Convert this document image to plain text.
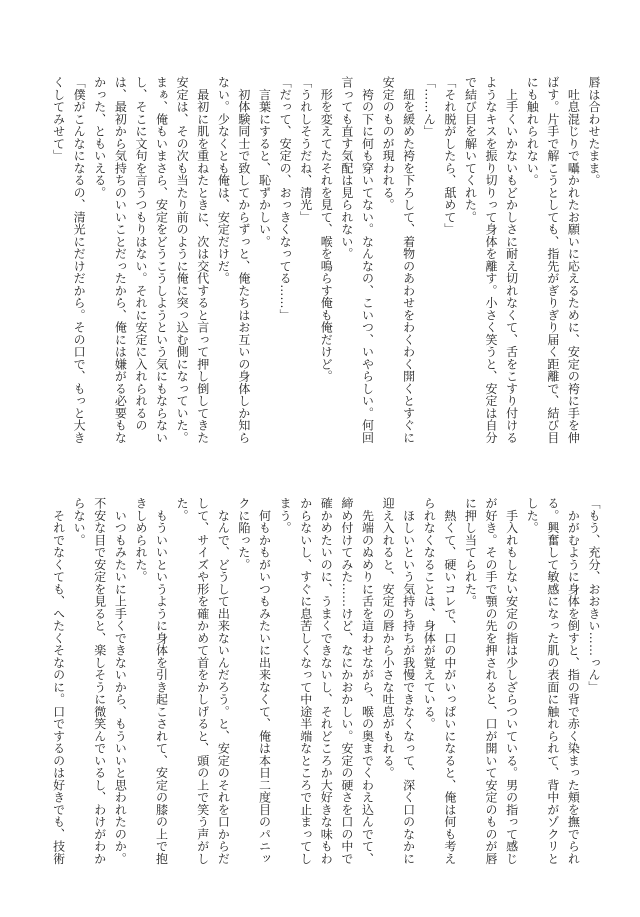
唇は合わせたまま。
　吐息混じりで囁かれたお願いに応えるために、安定の袴に手を伸
ばす。片手で解こうとしても、指先がぎりぎり届く距離で、結び目
にも触れられない。
　上手くいかないもどかしさに耐え切れなくて、舌をこすり付ける
ようなキスを振り切りって身体を離す。小さく笑うと、安定は自分
で結び目を解いてくれた。
「それ脱がしたら、舐めて」
「……ん」
　紐を緩めた袴を下ろして、着物のあわせをわくわく開くとすぐに
安定のものが現われる。
　袴の下に何も穿いてない。なんなの、こいつ、いやらしい。何回
言っても直す気配は見られない。
　形を変えてたそれを見て、喉を鳴らす俺も俺だけど。
「うれしそうだね、清光」
「だって、安定の、おっきくなってる……」
　言葉にすると、恥ずかしい。
　初体験同士で致してからずっと、俺たちはお互いの身体しか知ら
ない。少なくとも俺は、安定だけだ。
　最初に肌を重ねたときに、次は交代すると言って押し倒してきた
安定は、その次も当たり前のように俺に突っ込む側になっていた。
まぁ、俺もいまさら、安定をどうこうしようという気にもならない
し、そこに文句を言うつもりはない。それに安定に入れられるの
は、最初から気持ちのいいことだったから、俺には嫌がる必要もな
かった、ともいえる。
「僕がこんなになるの、清光にだけだから。その口で、もっと大き
くしてみせて」
「もう、充分、おおきい……っん」
　かがむように身体を倒すと、指の背で赤く染まった頬を撫でられ
る。興奮して敏感になった肌の表面に触れられて、背中がゾクリと
した。
　手入れもしない安定の指は少しざらついている。男の指って感じ
が好き。その手で顎の先を押されると、口が開いて安定のものが唇
に押し当てられた。
　熱くて、硬いコレで、口の中がいっぱいになると、俺は何も考え
られなくなることは、身体が覚えている。
　ほしいという気持ち持ちが我慢できなくなって、深く口のなかに
迎え入れると、安定の唇から小さな吐息がもれる。
　先端のぬめりに舌を這わせながら、喉の奥までくわえ込んでて、
締め付けてみた……けど、なにかおかしい。安定の硬さを口の中で
確かめたいのに、うまくできないし、それどころか大好きな味もわ
からないし、すぐに息苦しくなって中途半端なところで止まってし
まう。
　何もかもがいつもみたいに出来なくて、俺は本日二度目のパニッ
クに陥った。
　なんで、どうして出来ないんだろう。と、安定のそれを口からだ
して、サイズや形を確かめて首をかしげると、頭の上で笑う声がし
た。
　もういいというように身体を引き起こされて、安定の膝の上で抱
きしめられた。
　いつもみたいに上手くできないから、もういいと思われたのか。
不安な目で安定を見ると、楽しそうに微笑んでいるし、わけがわか
らない。
　それでなくても、へたくそなのに。口でするのは好きでも、技術
